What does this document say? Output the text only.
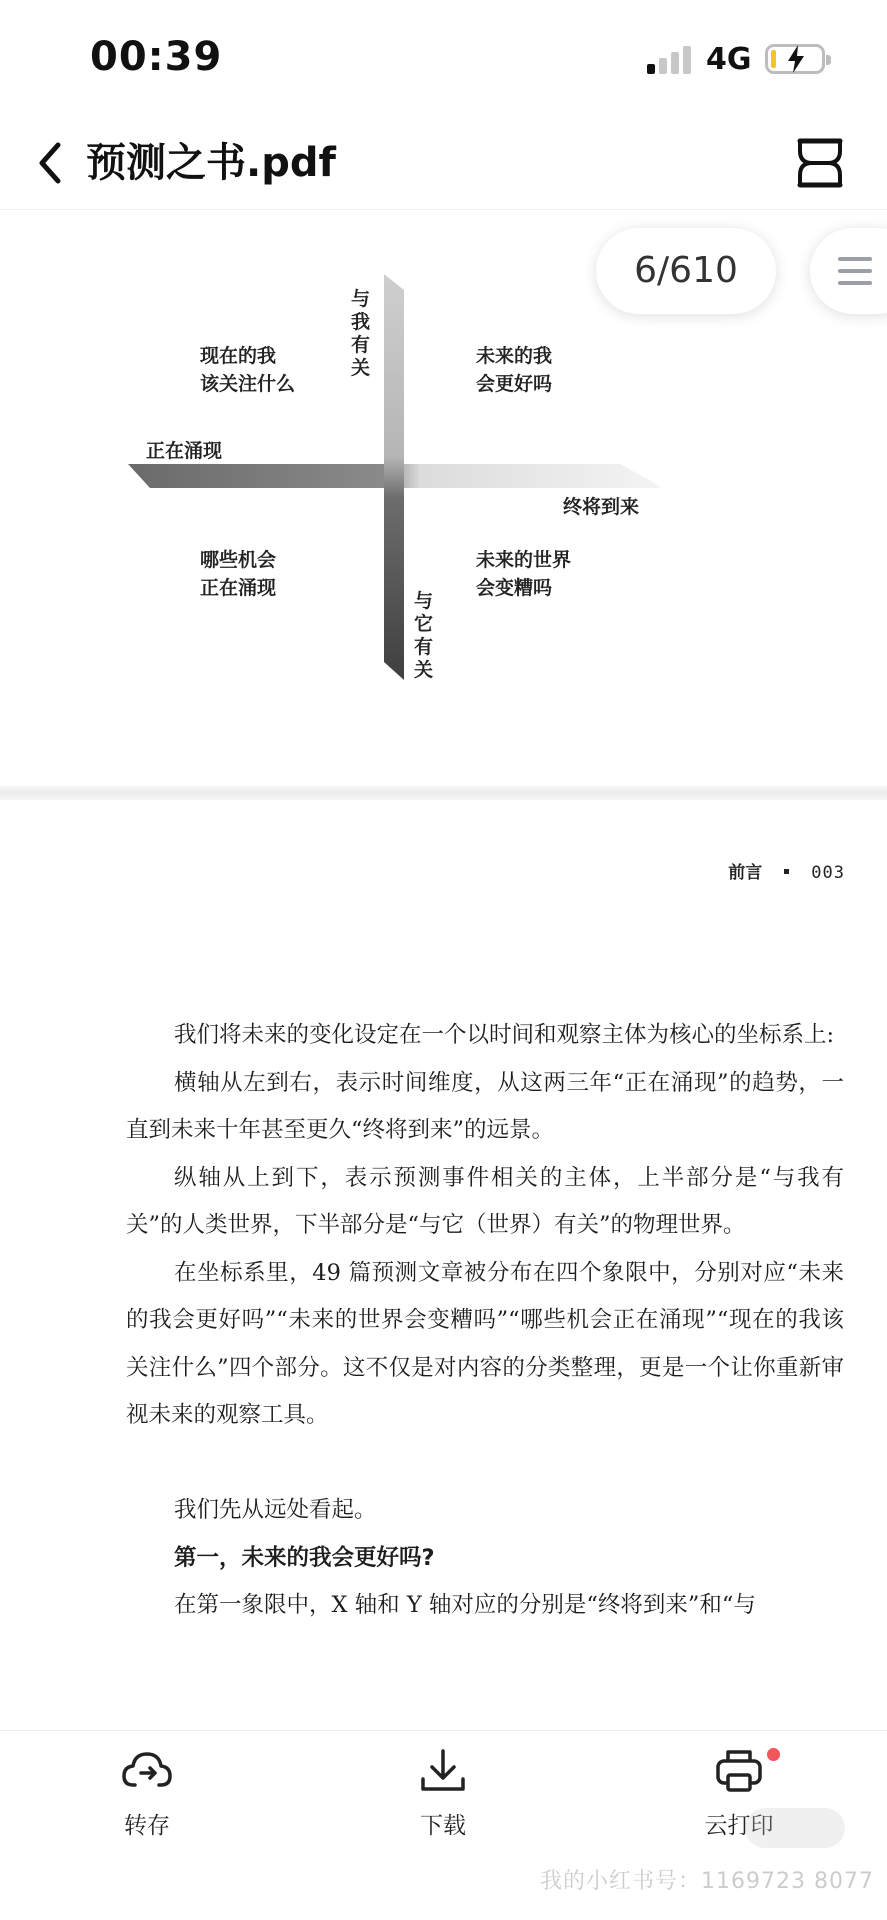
00:39	4G
预测之书.pdf
与我有关
与它有关
正在涌现
终将到来
现在的我
该关注什么
未来的我
会更好吗
哪些机会
正在涌现
未来的世界
会变糟吗
6/610
前言	003

我们将未来的变化设定在一个以时间和观察主体为核心的坐标系上:

横轴从左到右，表示时间维度，从这两三年“正在涌现”的趋势，一直到未来十年甚至更久“终将到来”的远景。

纵轴从上到下，表示预测事件相关的主体，上半部分是“与我有关”的人类世界，下半部分是“与它（世界）有关”的物理世界。

在坐标系里，49 篇预测文章被分布在四个象限中，分别对应“未来的我会更好吗”“未来的世界会变糟吗”“哪些机会正在涌现”“现在的我该关注什么”四个部分。这不仅是对内容的分类整理，更是一个让你重新审视未来的观察工具。

我们先从远处看起。

第一，未来的我会更好吗?

在第一象限中，X 轴和 Y 轴对应的分别是“终将到来”和“与

转存	下载	云打印
我的小红书号：1169723 8077
